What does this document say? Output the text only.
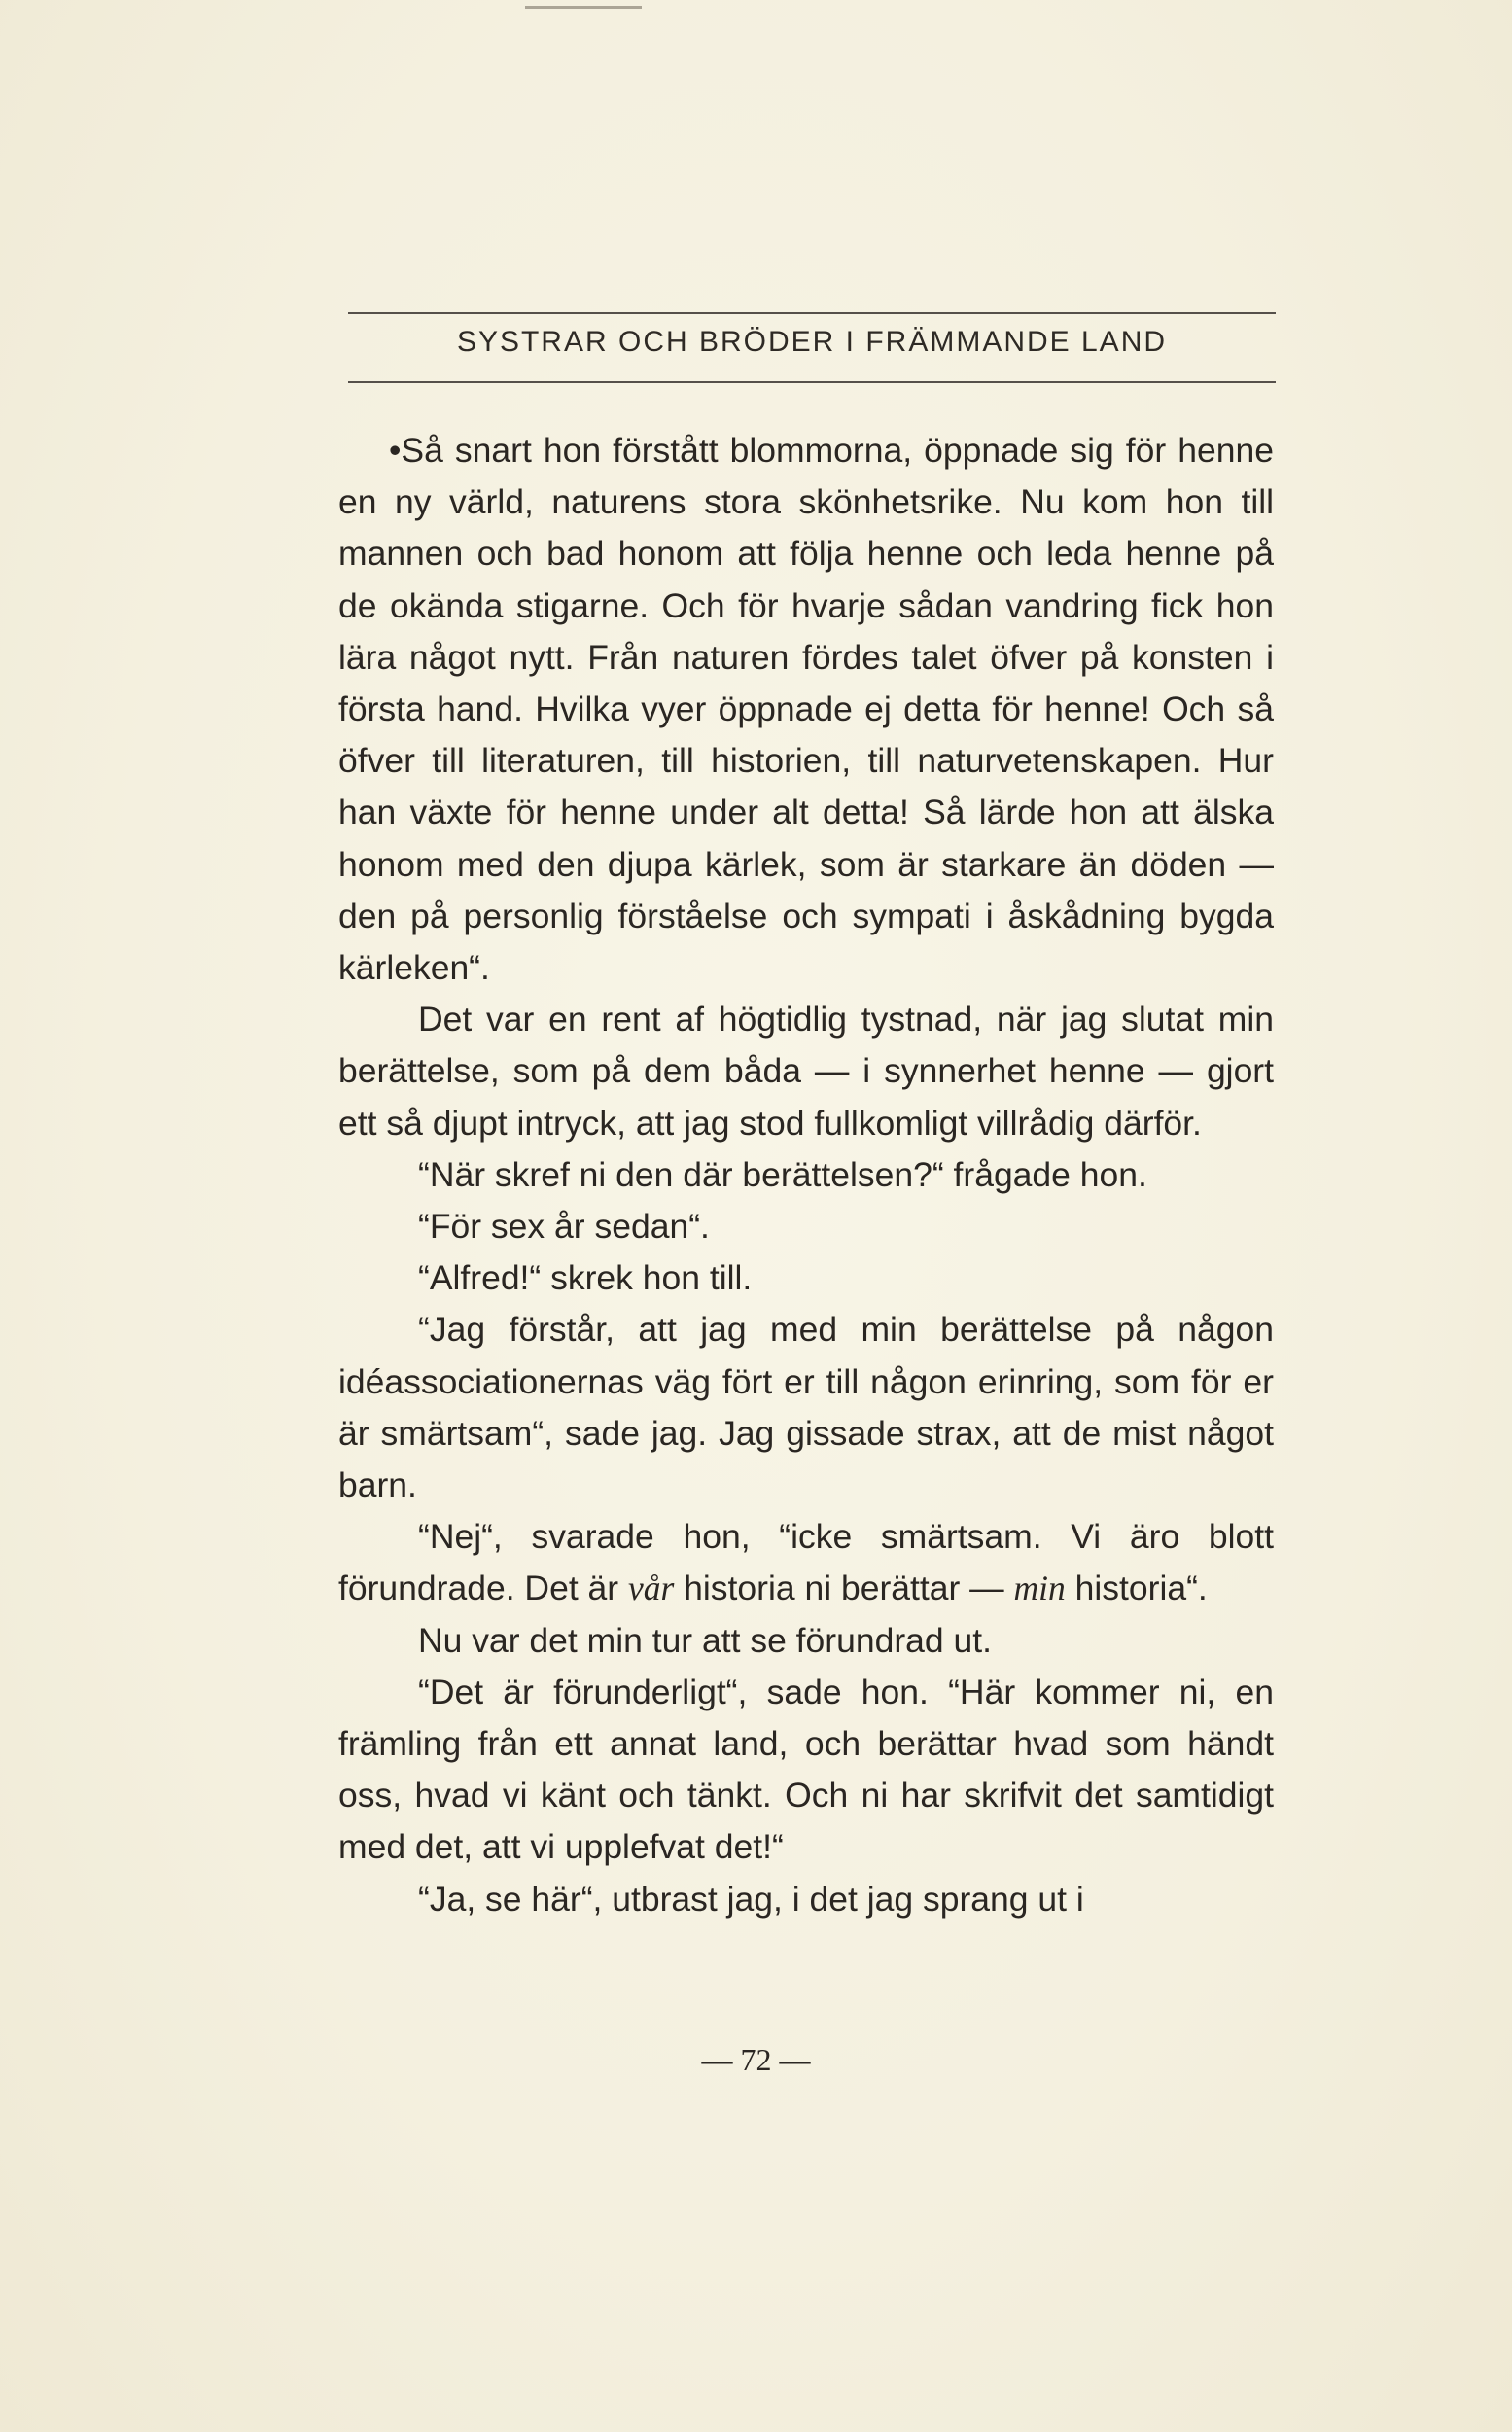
SYSTRAR OCH BRÖDER I FRÄMMANDE LAND

•Så snart hon förstått blommorna, öppnade sig för henne en ny värld, naturens stora skönhetsrike. Nu kom hon till mannen och bad honom att följa henne och leda henne på de okända stigarne. Och för hvarje sådan vandring fick hon lära något nytt. Från naturen fördes talet öfver på konsten i första hand. Hvilka vyer öppnade ej detta för henne! Och så öfver till literaturen, till historien, till naturvetenskapen. Hur han växte för henne under alt detta! Så lärde hon att älska honom med den djupa kärlek, som är starkare än döden — den på personlig förståelse och sympati i åskådning bygda kärleken“.

Det var en rent af högtidlig tystnad, när jag slutat min berättelse, som på dem båda — i synnerhet henne — gjort ett så djupt intryck, att jag stod fullkomligt villrådig därför.

“När skref ni den där berättelsen?“ frågade hon.

“För sex år sedan“.

“Alfred!“ skrek hon till.

“Jag förstår, att jag med min berättelse på någon idéassociationernas väg fört er till någon erinring, som för er är smärtsam“, sade jag. Jag gissade strax, att de mist något barn.

“Nej“, svarade hon, “icke smärtsam. Vi äro blott förundrade. Det är vår historia ni berättar — min historia“.

Nu var det min tur att se förundrad ut.

“Det är förunderligt“, sade hon. “Här kommer ni, en främling från ett annat land, och berättar hvad som händt oss, hvad vi känt och tänkt. Och ni har skrifvit det samtidigt med det, att vi upplefvat det!“

“Ja, se här“, utbrast jag, i det jag sprang ut i

— 72 —
